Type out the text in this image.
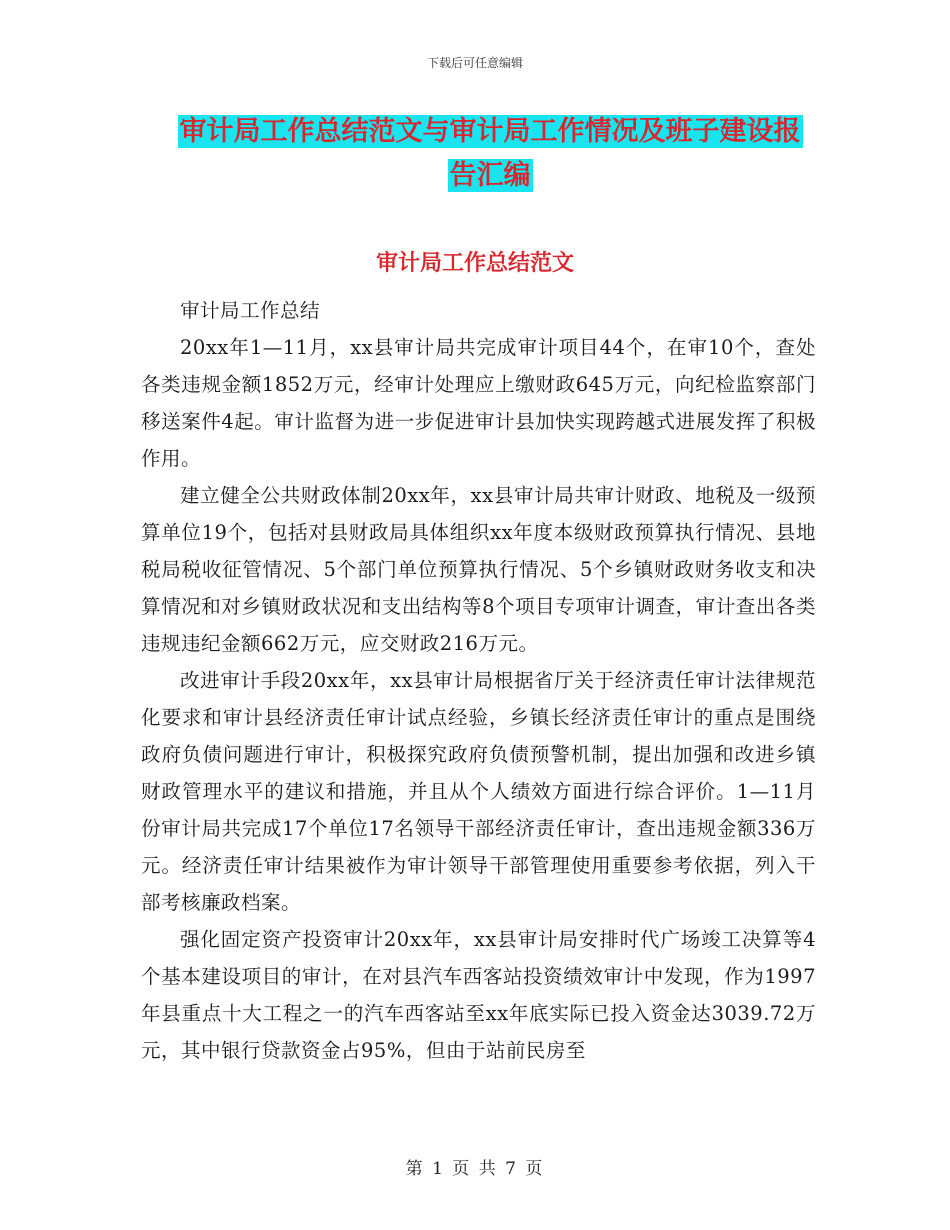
下载后可任意编辑
审计局工作总结范文与审计局工作情况及班子建设报
告汇编
审计局工作总结范文

审计局工作总结

20xx年1—11月，xx县审计局共完成审计项目44个，在审10个，查处各类违规金额1852万元，经审计处理应上缴财政645万元，向纪检监察部门移送案件4起。审计监督为进一步促进审计县加快实现跨越式进展发挥了积极作用。

建立健全公共财政体制20xx年，xx县审计局共审计财政、地税及一级预算单位19个，包括对县财政局具体组织xx年度本级财政预算执行情况、县地税局税收征管情况、5个部门单位预算执行情况、5个乡镇财政财务收支和决算情况和对乡镇财政状况和支出结构等8个项目专项审计调查，审计查出各类违规违纪金额662万元，应交财政216万元。

改进审计手段20xx年，xx县审计局根据省厅关于经济责任审计法律规范化要求和审计县经济责任审计试点经验，乡镇长经济责任审计的重点是围绕政府负债问题进行审计，积极探究政府负债预警机制，提出加强和改进乡镇财政管理水平的建议和措施，并且从个人绩效方面进行综合评价。1—11月份审计局共完成17个单位17名领导干部经济责任审计，查出违规金额336万元。经济责任审计结果被作为审计领导干部管理使用重要参考依据，列入干部考核廉政档案。

强化固定资产投资审计20xx年，xx县审计局安排时代广场竣工决算等4个基本建设项目的审计，在对县汽车西客站投资绩效审计中发现，作为1997年县重点十大工程之一的汽车西客站至xx年底实际已投入资金达3039.72万元，其中银行贷款资金占95%，但由于站前民房至

第 1 页 共 7 页
